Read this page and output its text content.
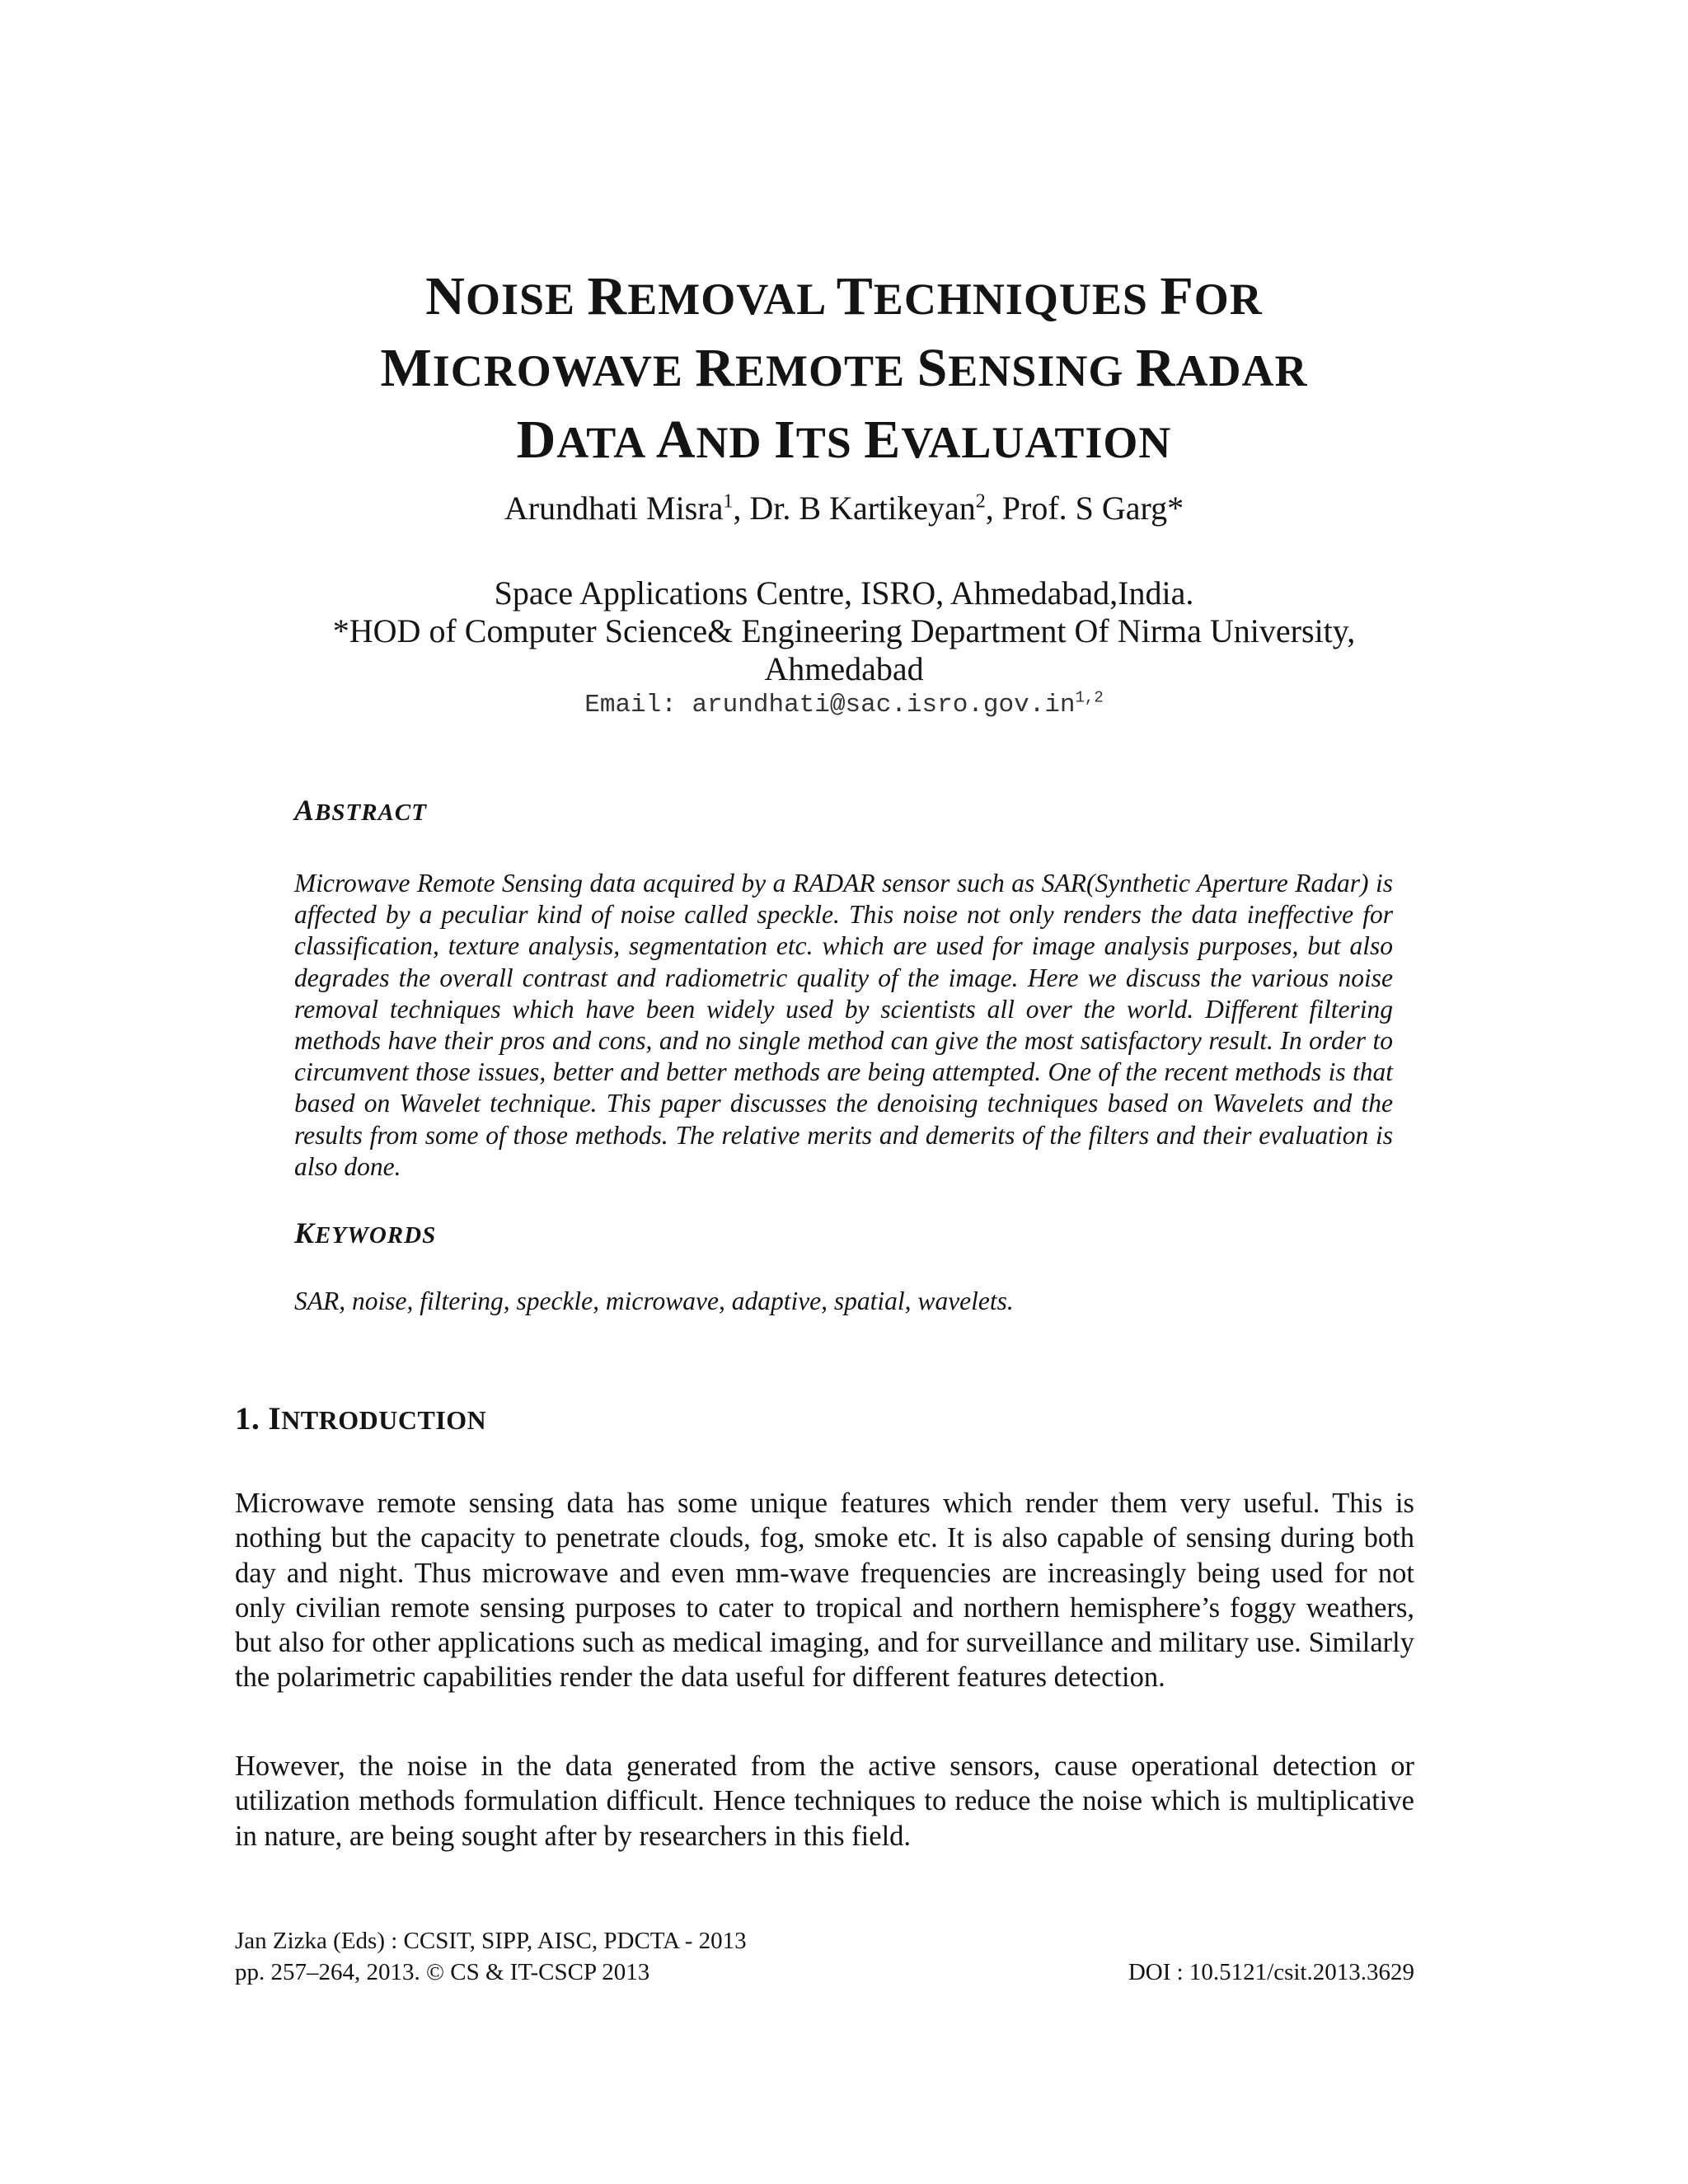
NOISE REMOVAL TECHNIQUES FOR
MICROWAVE REMOTE SENSING RADAR
DATA AND ITS EVALUATION
Arundhati Misra$^1$, Dr. B Kartikeyan$^2$, Prof. S Garg*
Space Applications Centre, ISRO, Ahmedabad,India.
*HOD of Computer Science& Engineering Department Of Nirma University,
Ahmedabad
Email: arundhati@sac.isro.gov.in$^{1,2}$
ABSTRACT
Microwave Remote Sensing data acquired by a RADAR sensor such as SAR(Synthetic Aperture Radar) is affected by a peculiar kind of noise called speckle. This noise not only renders the data ineffective for classification, texture analysis, segmentation etc. which are used for image analysis purposes, but also degrades the overall contrast and radiometric quality of the image. Here we discuss the various noise removal techniques which have been widely used by scientists all over the world. Different filtering methods have their pros and cons, and no single method can give the most satisfactory result. In order to circumvent those issues, better and better methods are being attempted. One of the recent methods is that based on Wavelet technique. This paper discusses the denoising techniques based on Wavelets and the results from some of those methods. The relative merits and demerits of the filters and their evaluation is also done.
KEYWORDS
SAR, noise, filtering, speckle, microwave, adaptive, spatial, wavelets.
1. INTRODUCTION
Microwave remote sensing data has some unique features which render them very useful. This is nothing but the capacity to penetrate clouds, fog, smoke etc. It is also capable of sensing during both day and night. Thus microwave and even mm-wave frequencies are increasingly being used for not only civilian remote sensing purposes to cater to tropical and northern hemisphere’s foggy weathers, but also for other applications such as medical imaging, and for surveillance and military use. Similarly the polarimetric capabilities render the data useful for different features detection.
However, the noise in the data generated from the active sensors, cause operational detection or utilization methods formulation difficult. Hence techniques to reduce the noise which is multiplicative in nature, are being sought after by researchers in this field.
Jan Zizka (Eds) : CCSIT, SIPP, AISC, PDCTA - 2013
pp. 257–264, 2013. © CS & IT-CSCP 2013	DOI : 10.5121/csit.2013.3629
